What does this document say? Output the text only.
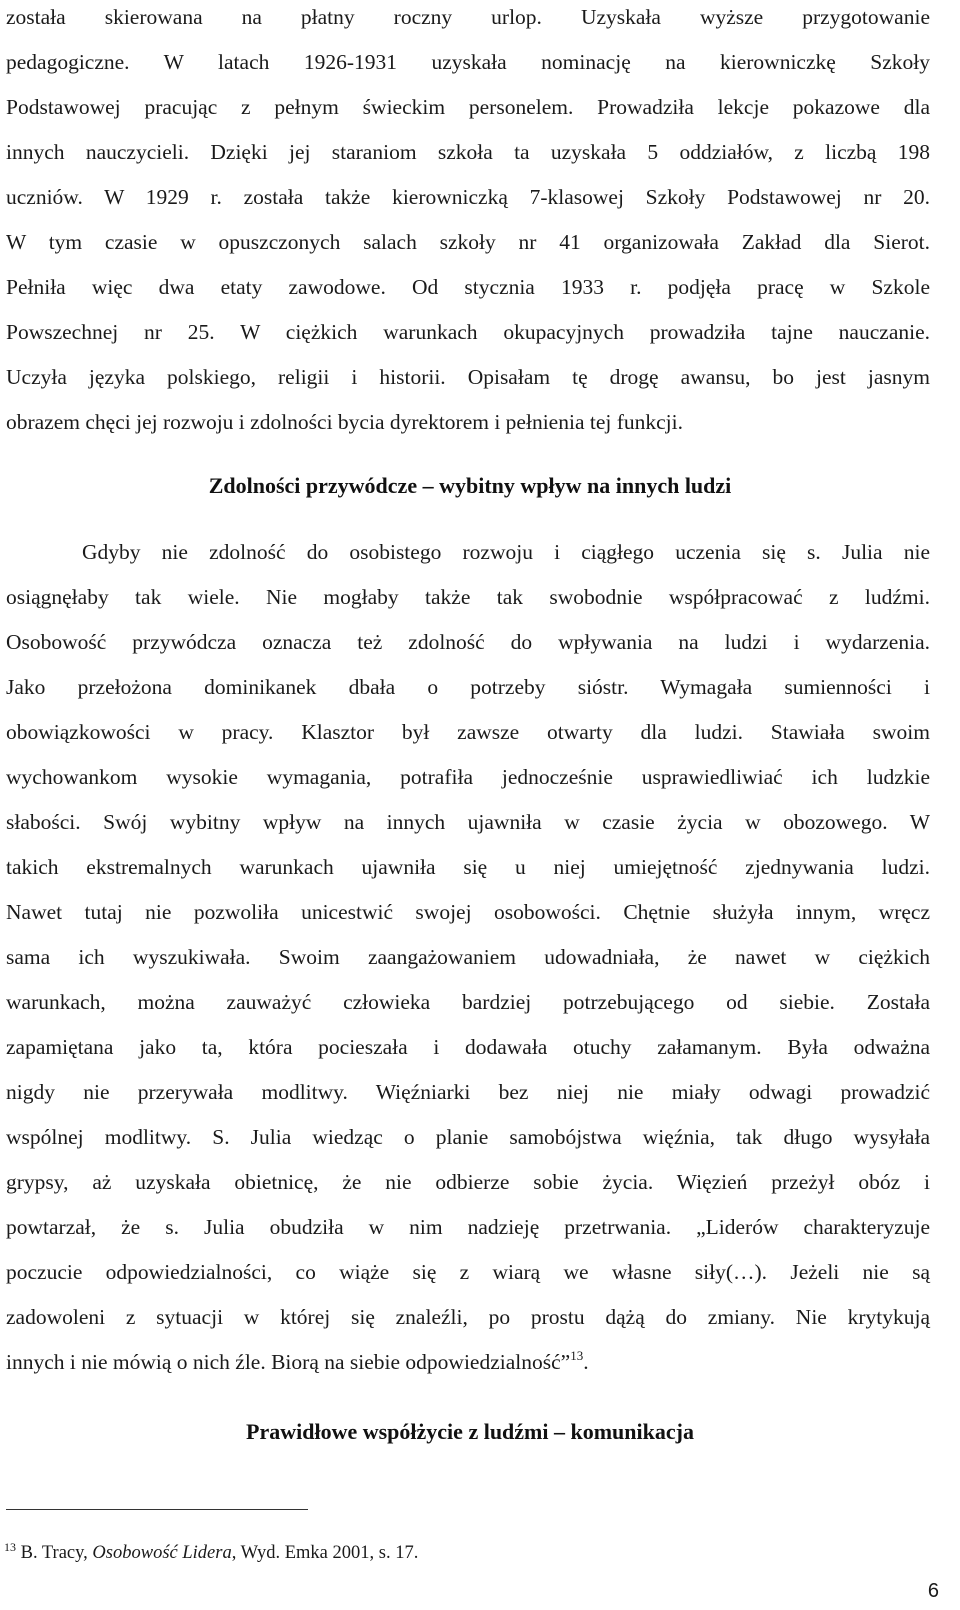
została skierowana na płatny roczny urlop. Uzyskała wyższe przygotowanie
pedagogiczne. W latach 1926-1931 uzyskała nominację na kierowniczkę Szkoły
Podstawowej pracując z pełnym świeckim personelem. Prowadziła lekcje pokazowe dla
innych nauczycieli. Dzięki jej staraniom szkoła ta uzyskała 5 oddziałów, z liczbą 198
uczniów. W 1929 r. została także kierowniczką 7-klasowej Szkoły Podstawowej nr 20.
W tym czasie w opuszczonych salach szkoły nr 41 organizowała Zakład dla Sierot.
Pełniła więc dwa etaty zawodowe. Od stycznia 1933 r. podjęła pracę w Szkole
Powszechnej nr 25. W ciężkich warunkach okupacyjnych prowadziła tajne nauczanie.
Uczyła języka polskiego, religii i historii. Opisałam tę drogę awansu, bo jest jasnym
obrazem chęci jej rozwoju i zdolności bycia dyrektorem i pełnienia tej funkcji.
Zdolności przywódcze – wybitny wpływ na innych ludzi
Gdyby nie zdolność do osobistego rozwoju i ciągłego uczenia się s. Julia nie
osiągnęłaby tak wiele. Nie mogłaby także tak swobodnie współpracować z ludźmi.
Osobowość przywódcza oznacza też zdolność do wpływania na ludzi i wydarzenia.
Jako przełożona dominikanek dbała o potrzeby sióstr. Wymagała sumienności i
obowiązkowości w pracy. Klasztor był zawsze otwarty dla ludzi. Stawiała swoim
wychowankom wysokie wymagania, potrafiła jednocześnie usprawiedliwiać ich ludzkie
słabości. Swój wybitny wpływ na innych ujawniła w czasie życia w obozowego. W
takich ekstremalnych warunkach ujawniła się u niej umiejętność zjednywania ludzi.
Nawet tutaj nie pozwoliła unicestwić swojej osobowości. Chętnie służyła innym, wręcz
sama ich wyszukiwała. Swoim zaangażowaniem udowadniała, że nawet w ciężkich
warunkach, można zauważyć człowieka bardziej potrzebującego od siebie. Została
zapamiętana jako ta, która pocieszała i dodawała otuchy załamanym. Była odważna
nigdy nie przerywała modlitwy. Więźniarki bez niej nie miały odwagi prowadzić
wspólnej modlitwy. S. Julia wiedząc o planie samobójstwa więźnia, tak długo wysyłała
grypsy, aż uzyskała obietnicę, że nie odbierze sobie życia. Więzień przeżył obóz i
powtarzał, że s. Julia obudziła w nim nadzieję przetrwania. „Liderów charakteryzuje
poczucie odpowiedzialności, co wiąże się z wiarą we własne siły(…). Jeżeli nie są
zadowoleni z sytuacji w której się znaleźli, po prostu dążą do zmiany. Nie krytykują
innych i nie mówią o nich źle. Biorą na siebie odpowiedzialność”$^{13}$.
Prawidłowe współżycie z ludźmi – komunikacja
$^{13}$ B. Tracy, Osobowość Lidera, Wyd. Emka 2001, s. 17.
6
